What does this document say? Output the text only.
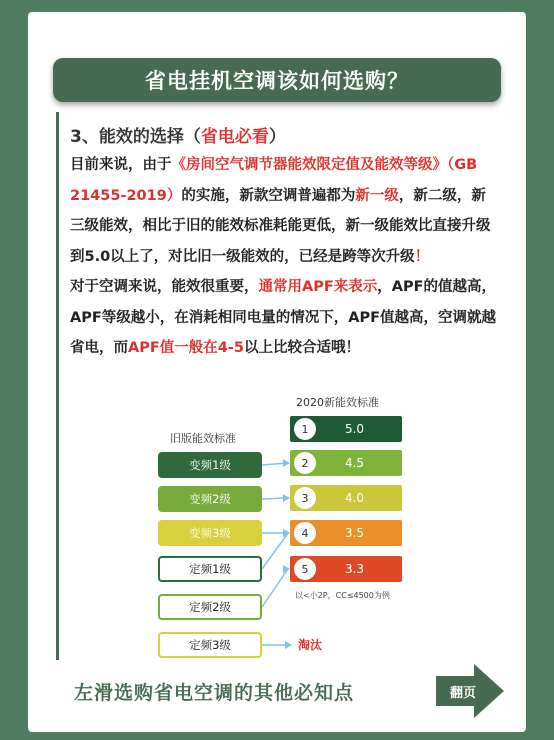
省电挂机空调该如何选购？
3、能效的选择（省电必看）

目前来说，由于《房间空气调节器能效限定值及能效等级》（GB 21455-2019）的实施，新款空调普遍都为新一级，新二级，新三级能效，相比于旧的能效标准耗能更低，新一级能效比直接升级到5.0以上了，对比旧一级能效的，已经是跨等次升级！

对于空调来说，能效很重要，通常用APF来表示，APF的值越高，APF等级越小，在消耗相同电量的情况下，APF值越高，空调就越省电，而APF值一般在4-5以上比较合适哦！

2020新能效标准
旧版能效标准
以<小2P，CC≤4500为例
淘汰
变频1级
变频2级
变频3级
定频1级
定频2级
定频3级
1	5.0
2	4.5
3	4.0
4	3.5
5	3.3
左滑选购省电空调的其他必知点	翻页
